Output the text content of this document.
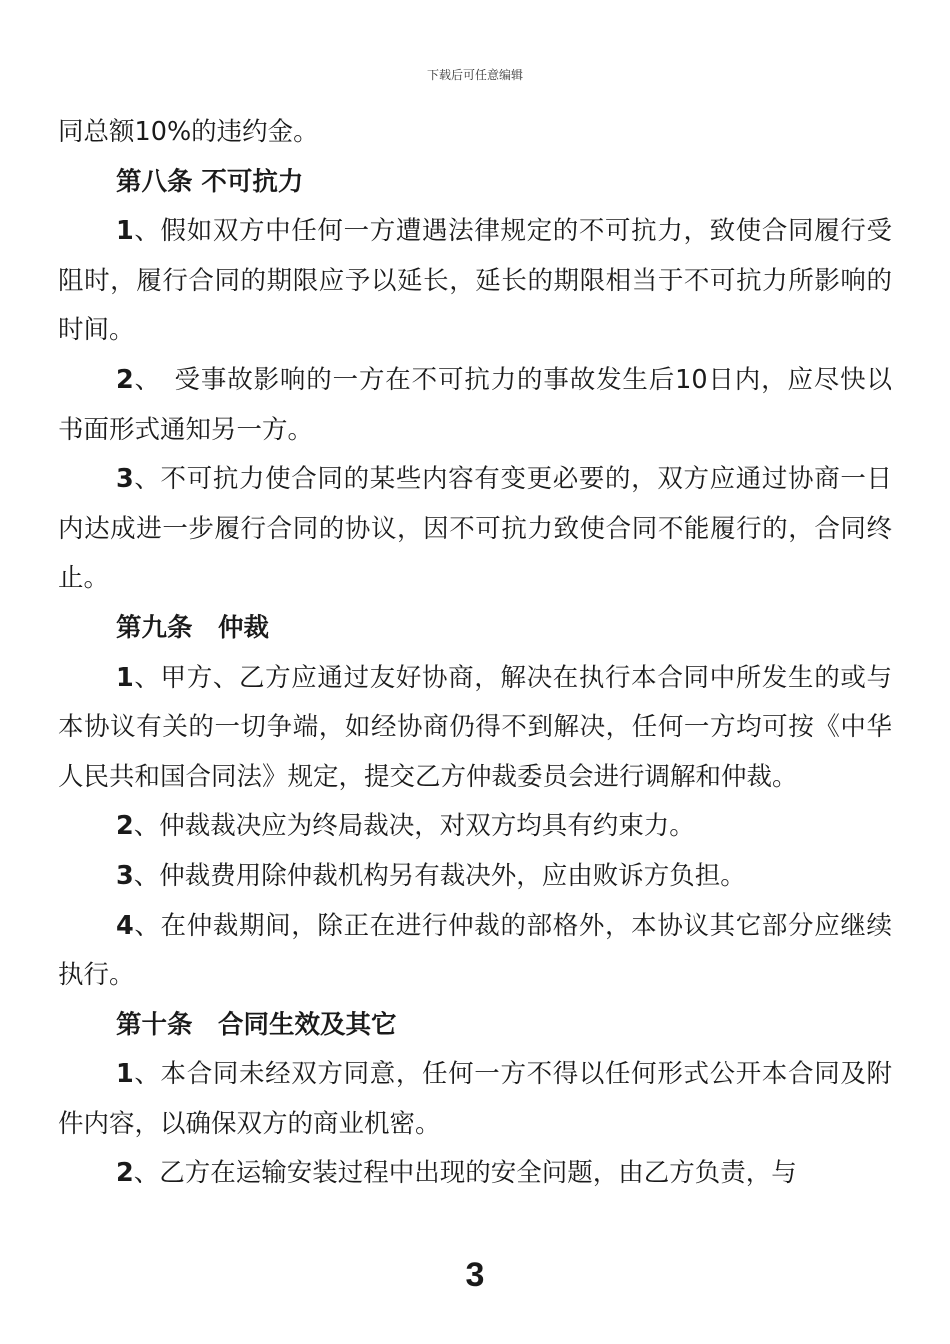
下载后可任意编辑

同总额10%的违约金。

第八条 不可抗力

1、假如双方中任何一方遭遇法律规定的不可抗力，致使合同履行受阻时，履行合同的期限应予以延长，延长的期限相当于不可抗力所影响的时间。

2、　受事故影响的一方在不可抗力的事故发生后10日内，应尽快以书面形式通知另一方。

3、不可抗力使合同的某些内容有变更必要的，双方应通过协商一日内达成进一步履行合同的协议，因不可抗力致使合同不能履行的，合同终止。

第九条　仲裁

1、甲方、乙方应通过友好协商，解决在执行本合同中所发生的或与本协议有关的一切争端，如经协商仍得不到解决，任何一方均可按《中华人民共和国合同法》规定，提交乙方仲裁委员会进行调解和仲裁。

2、仲裁裁决应为终局裁决，对双方均具有约束力。

3、仲裁费用除仲裁机构另有裁决外，应由败诉方负担。

4、在仲裁期间，除正在进行仲裁的部格外，本协议其它部分应继续执行。

第十条　合同生效及其它

1、本合同未经双方同意，任何一方不得以任何形式公开本合同及附件内容，以确保双方的商业机密。

2、乙方在运输安装过程中出现的安全问题，由乙方负责，与

3
